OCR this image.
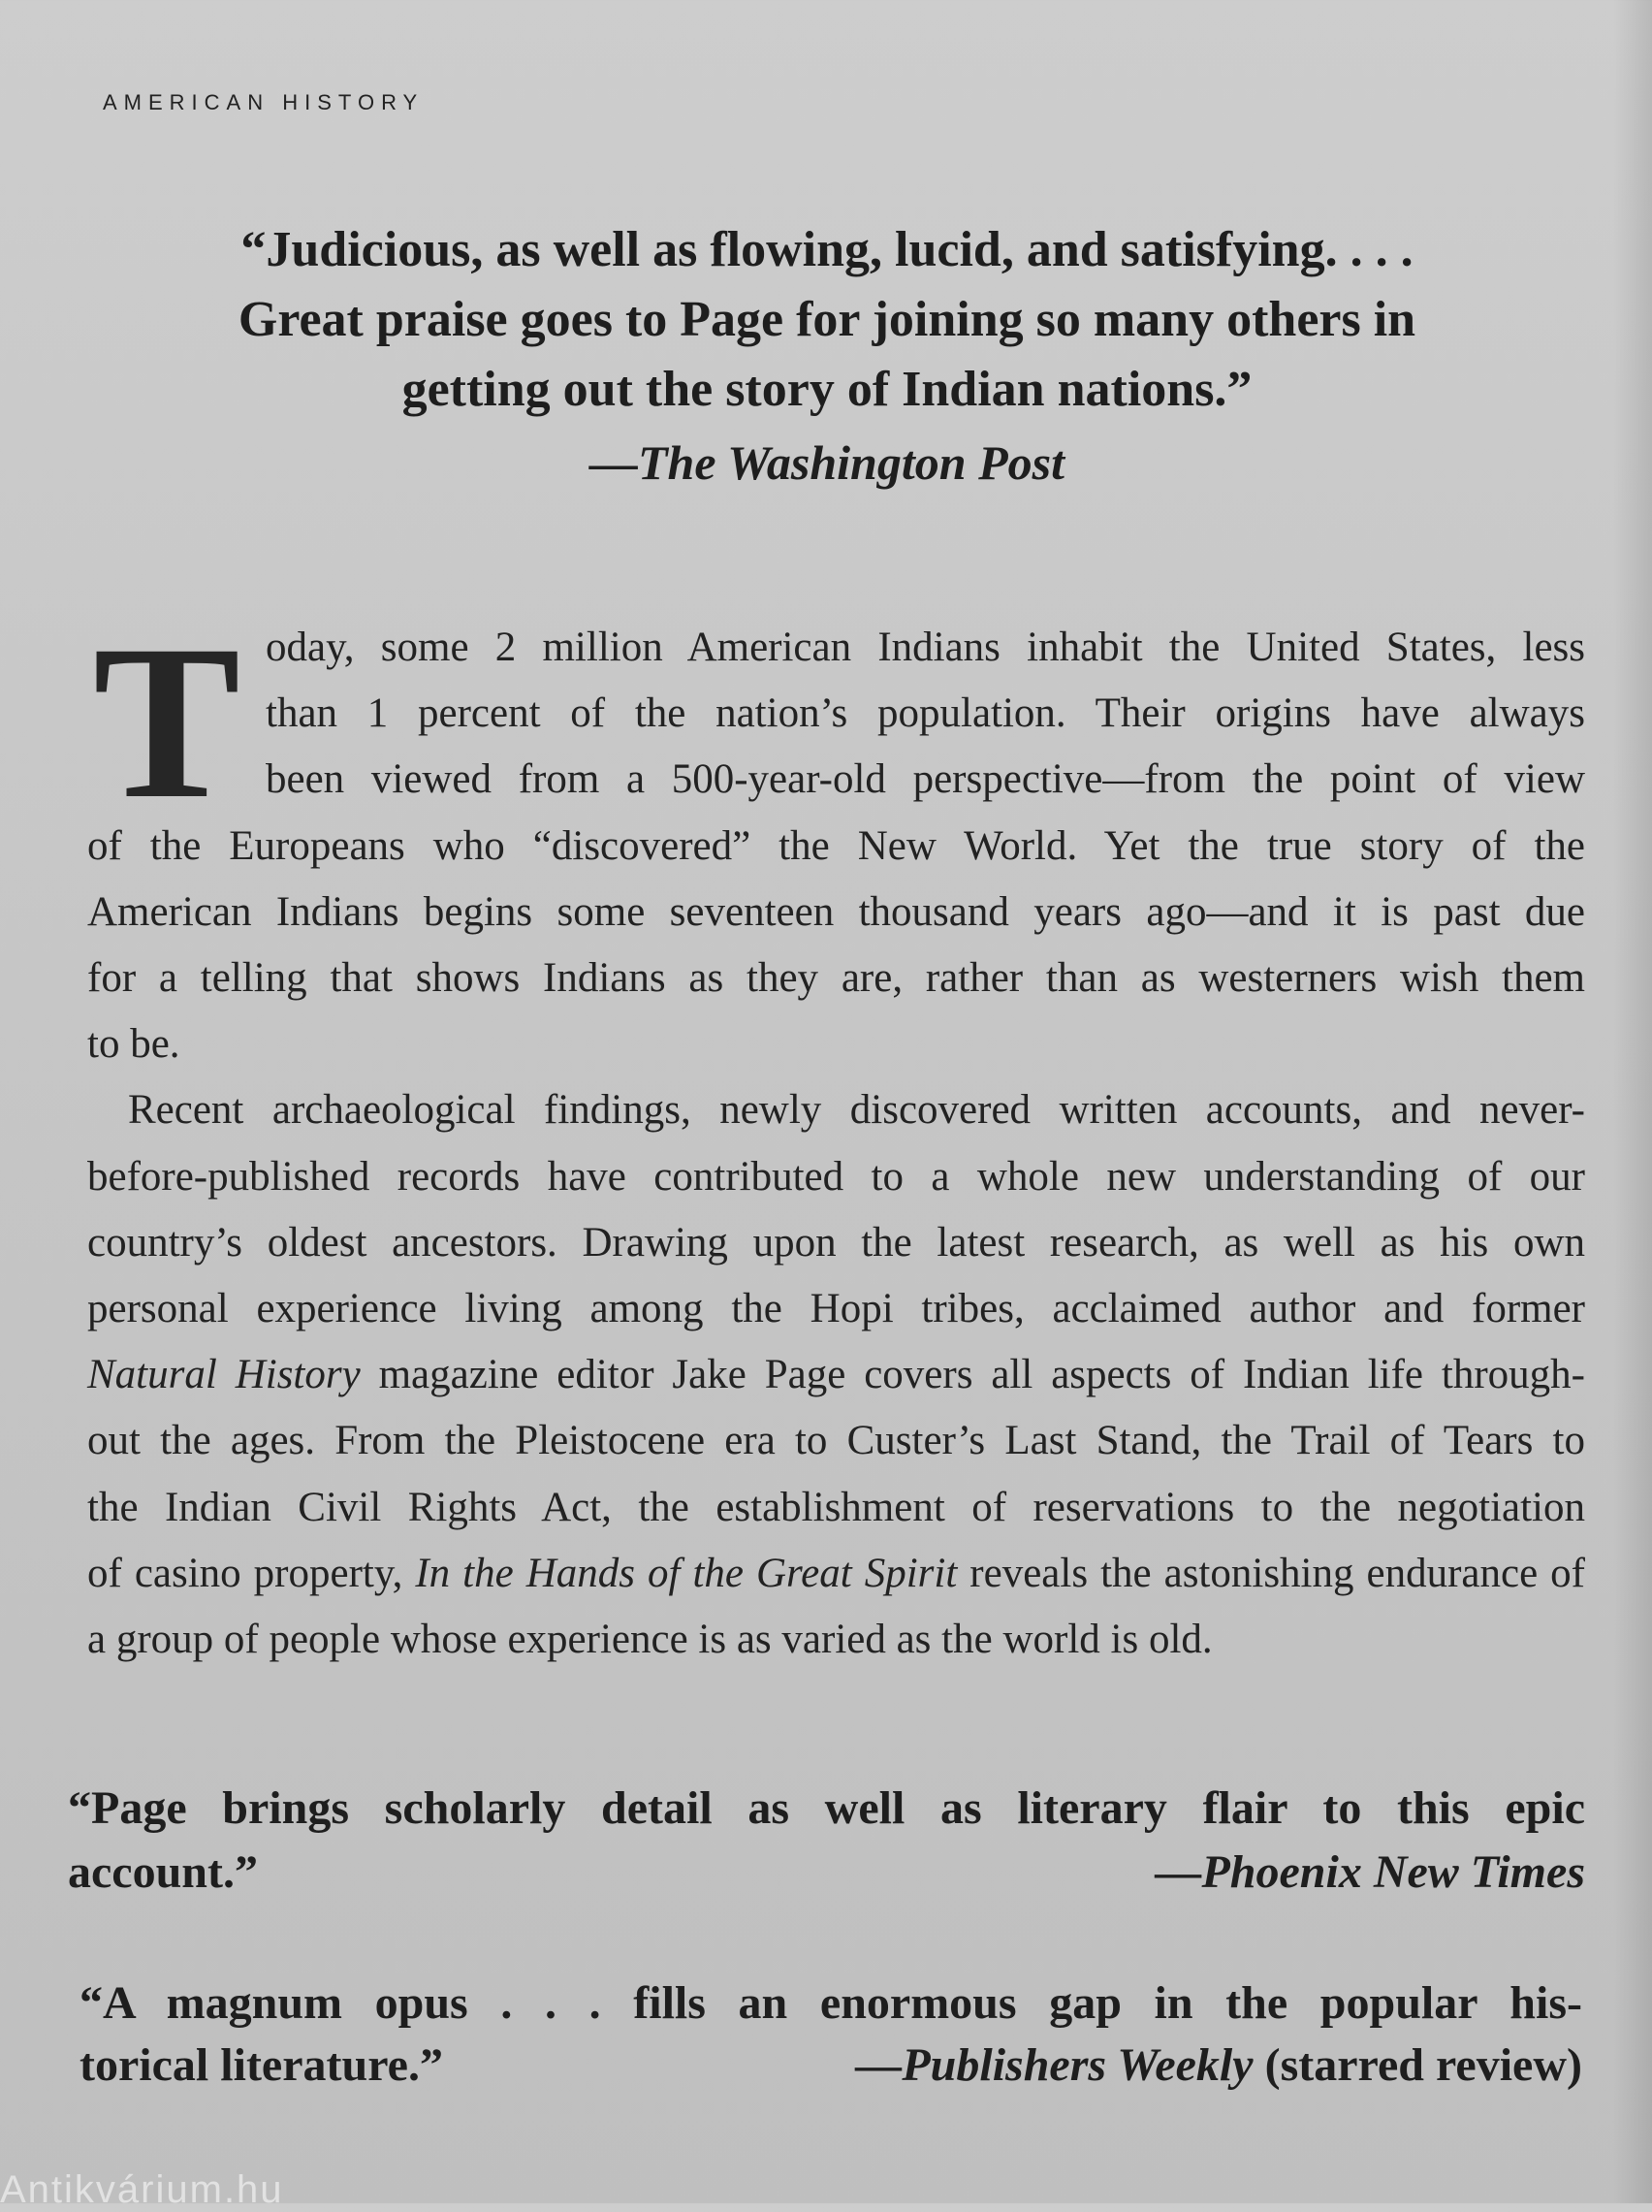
AMERICAN HISTORY
“Judicious, as well as flowing, lucid, and satisfying. . . .
Great praise goes to Page for joining so many others in
getting out the story of Indian nations.”
—The Washington Post
T oday, some 2 million American Indians inhabit the United States, less
than 1 percent of the nation’s population. Their origins have always
been viewed from a 500-year-old perspective—from the point of view
of the Europeans who “discovered” the New World. Yet the true story of the
American Indians begins some seventeen thousand years ago—and it is past due
for a telling that shows Indians as they are, rather than as westerners wish them
to be.
Recent archaeological findings, newly discovered written accounts, and never-
before-published records have contributed to a whole new understanding of our
country’s oldest ancestors. Drawing upon the latest research, as well as his own
personal experience living among the Hopi tribes, acclaimed author and former
Natural History magazine editor Jake Page covers all aspects of Indian life through-
out the ages. From the Pleistocene era to Custer’s Last Stand, the Trail of Tears to
the Indian Civil Rights Act, the establishment of reservations to the negotiation
of casino property, In the Hands of the Great Spirit reveals the astonishing endurance of
a group of people whose experience is as varied as the world is old.
“Page brings scholarly detail as well as literary flair to this epic
account.”	—Phoenix New Times
“A magnum opus . . . fills an enormous gap in the popular his-
torical literature.”	—Publishers Weekly (starred review)
Antikvárium.hu
